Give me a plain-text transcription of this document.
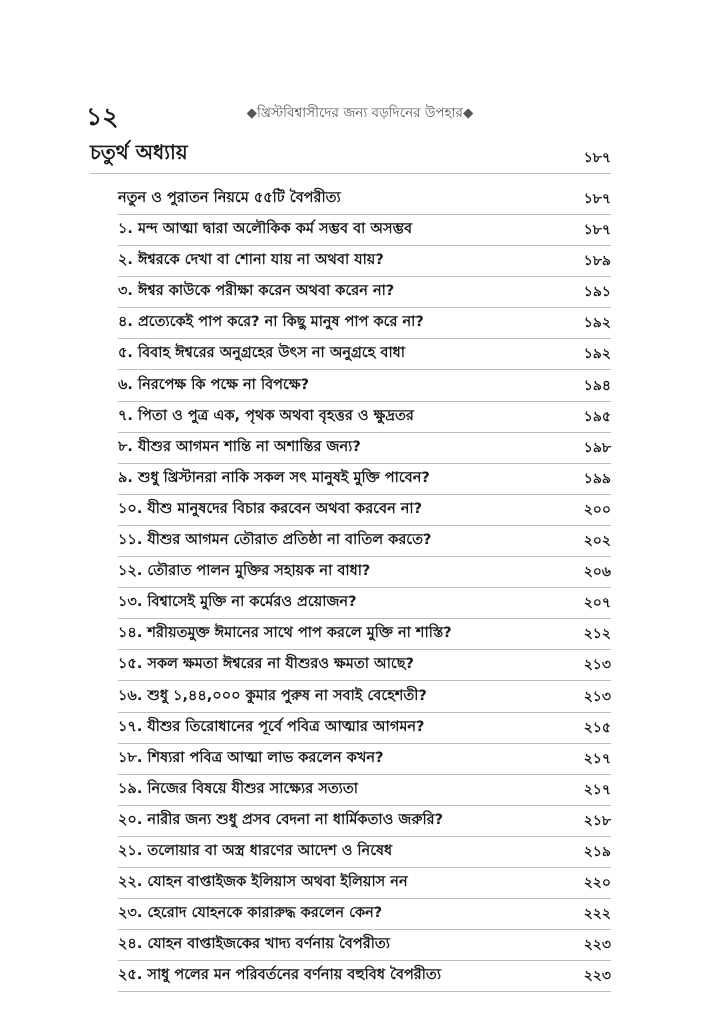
১২	◆খ্রিস্টবিশ্বাসীদের জন্য বড়দিনের উপহার◆
চতুর্থ অধ্যায়	১৮৭
নতুন ও পুরাতন নিয়মে ৫৫টি বৈপরীত্য	১৮৭
১. মন্দ আত্মা দ্বারা অলৌকিক কর্ম সম্ভব বা অসম্ভব	১৮৭
২. ঈশ্বরকে দেখা বা শোনা যায় না অথবা যায়?	১৮৯
৩. ঈশ্বর কাউকে পরীক্ষা করেন অথবা করেন না?	১৯১
৪. প্রত্যেকেই পাপ করে? না কিছু মানুষ পাপ করে না?	১৯২
৫. বিবাহ ঈশ্বরের অনুগ্রহের উৎস না অনুগ্রহে বাধা	১৯২
৬. নিরপেক্ষ কি পক্ষে না বিপক্ষে?	১৯৪
৭. পিতা ও পুত্র এক, পৃথক অথবা বৃহত্তর ও ক্ষুদ্রতর	১৯৫
৮. যীশুর আগমন শান্তি না অশান্তির জন্য?	১৯৮
৯. শুধু খ্রিস্টানরা নাকি সকল সৎ মানুষই মুক্তি পাবেন?	১৯৯
১০. যীশু মানুষদের বিচার করবেন অথবা করবেন না?	২০০
১১. যীশুর আগমন তৌরাত প্রতিষ্ঠা না বাতিল করতে?	২০২
১২. তৌরাত পালন মুক্তির সহায়ক না বাধা?	২০৬
১৩. বিশ্বাসেই মুক্তি না কর্মেরও প্রয়োজন?	২০৭
১৪. শরীয়তমুক্ত ঈমানের সাথে পাপ করলে মুক্তি না শাস্তি?	২১২
১৫. সকল ক্ষমতা ঈশ্বরের না যীশুরও ক্ষমতা আছে?	২১৩
১৬. শুধু ১,৪৪,০০০ কুমার পুরুষ না সবাই বেহেশতী?	২১৩
১৭. যীশুর তিরোধানের পূর্বে পবিত্র আত্মার আগমন?	২১৫
১৮. শিষ্যরা পবিত্র আত্মা লাভ করলেন কখন?	২১৭
১৯. নিজের বিষয়ে যীশুর সাক্ষ্যের সত্যতা	২১৭
২০. নারীর জন্য শুধু প্রসব বেদনা না ধার্মিকতাও জরুরি?	২১৮
২১. তলোয়ার বা অস্ত্র ধারণের আদেশ ও নিষেধ	২১৯
২২. যোহন বাপ্তাইজক ইলিয়াস অথবা ইলিয়াস নন	২২০
২৩. হেরোদ যোহনকে কারারুদ্ধ করলেন কেন?	২২২
২৪. যোহন বাপ্তাইজকের খাদ্য বর্ণনায় বৈপরীত্য	২২৩
২৫. সাধু পলের মন পরিবর্তনের বর্ণনায় বহুবিধ বৈপরীত্য	২২৩
